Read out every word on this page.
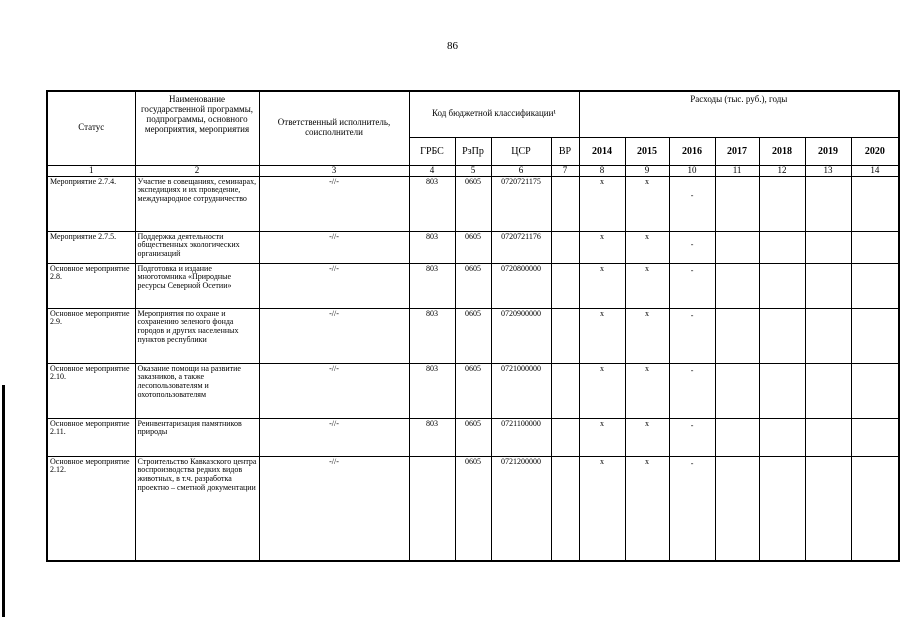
86
Статус	Наименование государственной программы, подпрограммы, основного мероприятия, мероприятия	Ответственный исполнитель, соисполнители	Код бюджетной классификации¹				Расходы (тыс. руб.), годы						
			ГРБС	РзПр	ЦСР	ВР	2014	2015	2016	2017	2018	2019	2020
1	2	3	4	5	6	7	8	9	10	11	12	13	14
Мероприятие 2.7.4.	Участие в совещаниях, семинарах, экспедициях и их проведение, международное сотрудничество	-//-	803	0605	0720721175		x	x	-				

Мероприятие 2.7.5.	Поддержка деятельности общественных экологических организаций	-//-	803	0605	0720721176		x	x	-				

Основное мероприятие 2.8.	Подготовка и издание многотомника «Природные ресурсы Северной Осетии»	-//-	803	0605	0720800000		x	x	-				

Основное мероприятие 2.9.	Мероприятия по охране и сохранению зеленого фонда городов и других населенных пунктов республики	-//-	803	0605	0720900000		x	x	-				

Основное мероприятие 2.10.	Оказание помощи на развитие заказников, а также лесопользователям и охотопользователям	-//-	803	0605	0721000000		x	x	-				

Основное мероприятие 2.11.	Реинвентаризация памятников природы	-//-	803	0605	0721100000		x	x	-				

Основное мероприятие 2.12.	Строительство Кавказского центра воспроизводства редких видов животных, в т.ч. разработка проектно – сметной документации	-//-		0605	0721200000		x	x	-				
